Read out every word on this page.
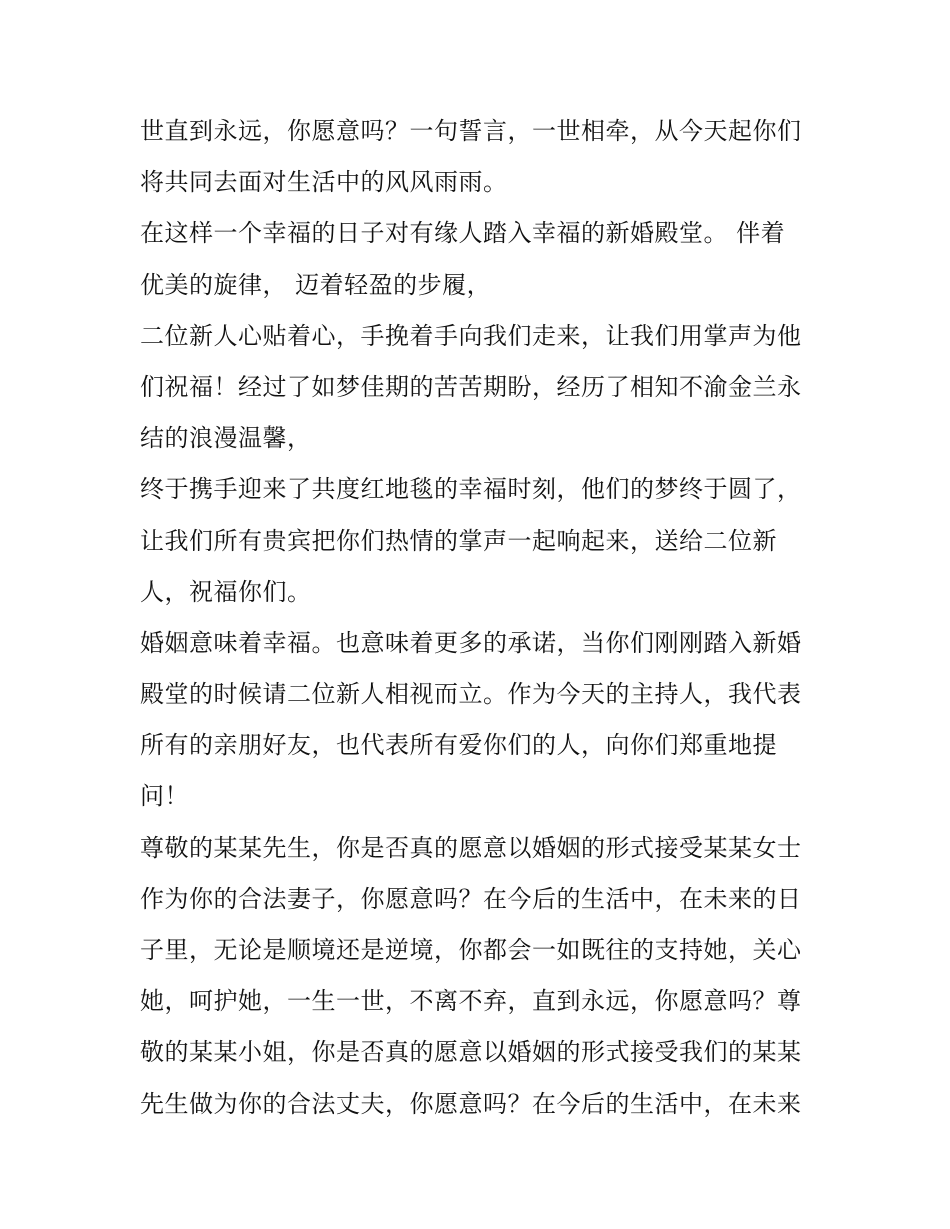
世直到永远，你愿意吗？一句誓言，一世相牵，从今天起你们
将共同去面对生活中的风风雨雨。
在这样一个幸福的日子对有缘人踏入幸福的新婚殿堂。 伴着
优美的旋律， 迈着轻盈的步履，
二位新人心贴着心，手挽着手向我们走来，让我们用掌声为他
们祝福！经过了如梦佳期的苦苦期盼，经历了相知不渝金兰永
结的浪漫温馨，
终于携手迎来了共度红地毯的幸福时刻，他们的梦终于圆了，
让我们所有贵宾把你们热情的掌声一起响起来，送给二位新
人，祝福你们。
婚姻意味着幸福。也意味着更多的承诺，当你们刚刚踏入新婚
殿堂的时候请二位新人相视而立。作为今天的主持人，我代表
所有的亲朋好友，也代表所有爱你们的人，向你们郑重地提
问！
尊敬的某某先生，你是否真的愿意以婚姻的形式接受某某女士
作为你的合法妻子，你愿意吗？在今后的生活中，在未来的日
子里，无论是顺境还是逆境，你都会一如既往的支持她，关心
她，呵护她，一生一世，不离不弃，直到永远，你愿意吗？尊
敬的某某小姐，你是否真的愿意以婚姻的形式接受我们的某某
先生做为你的合法丈夫，你愿意吗？在今后的生活中，在未来
